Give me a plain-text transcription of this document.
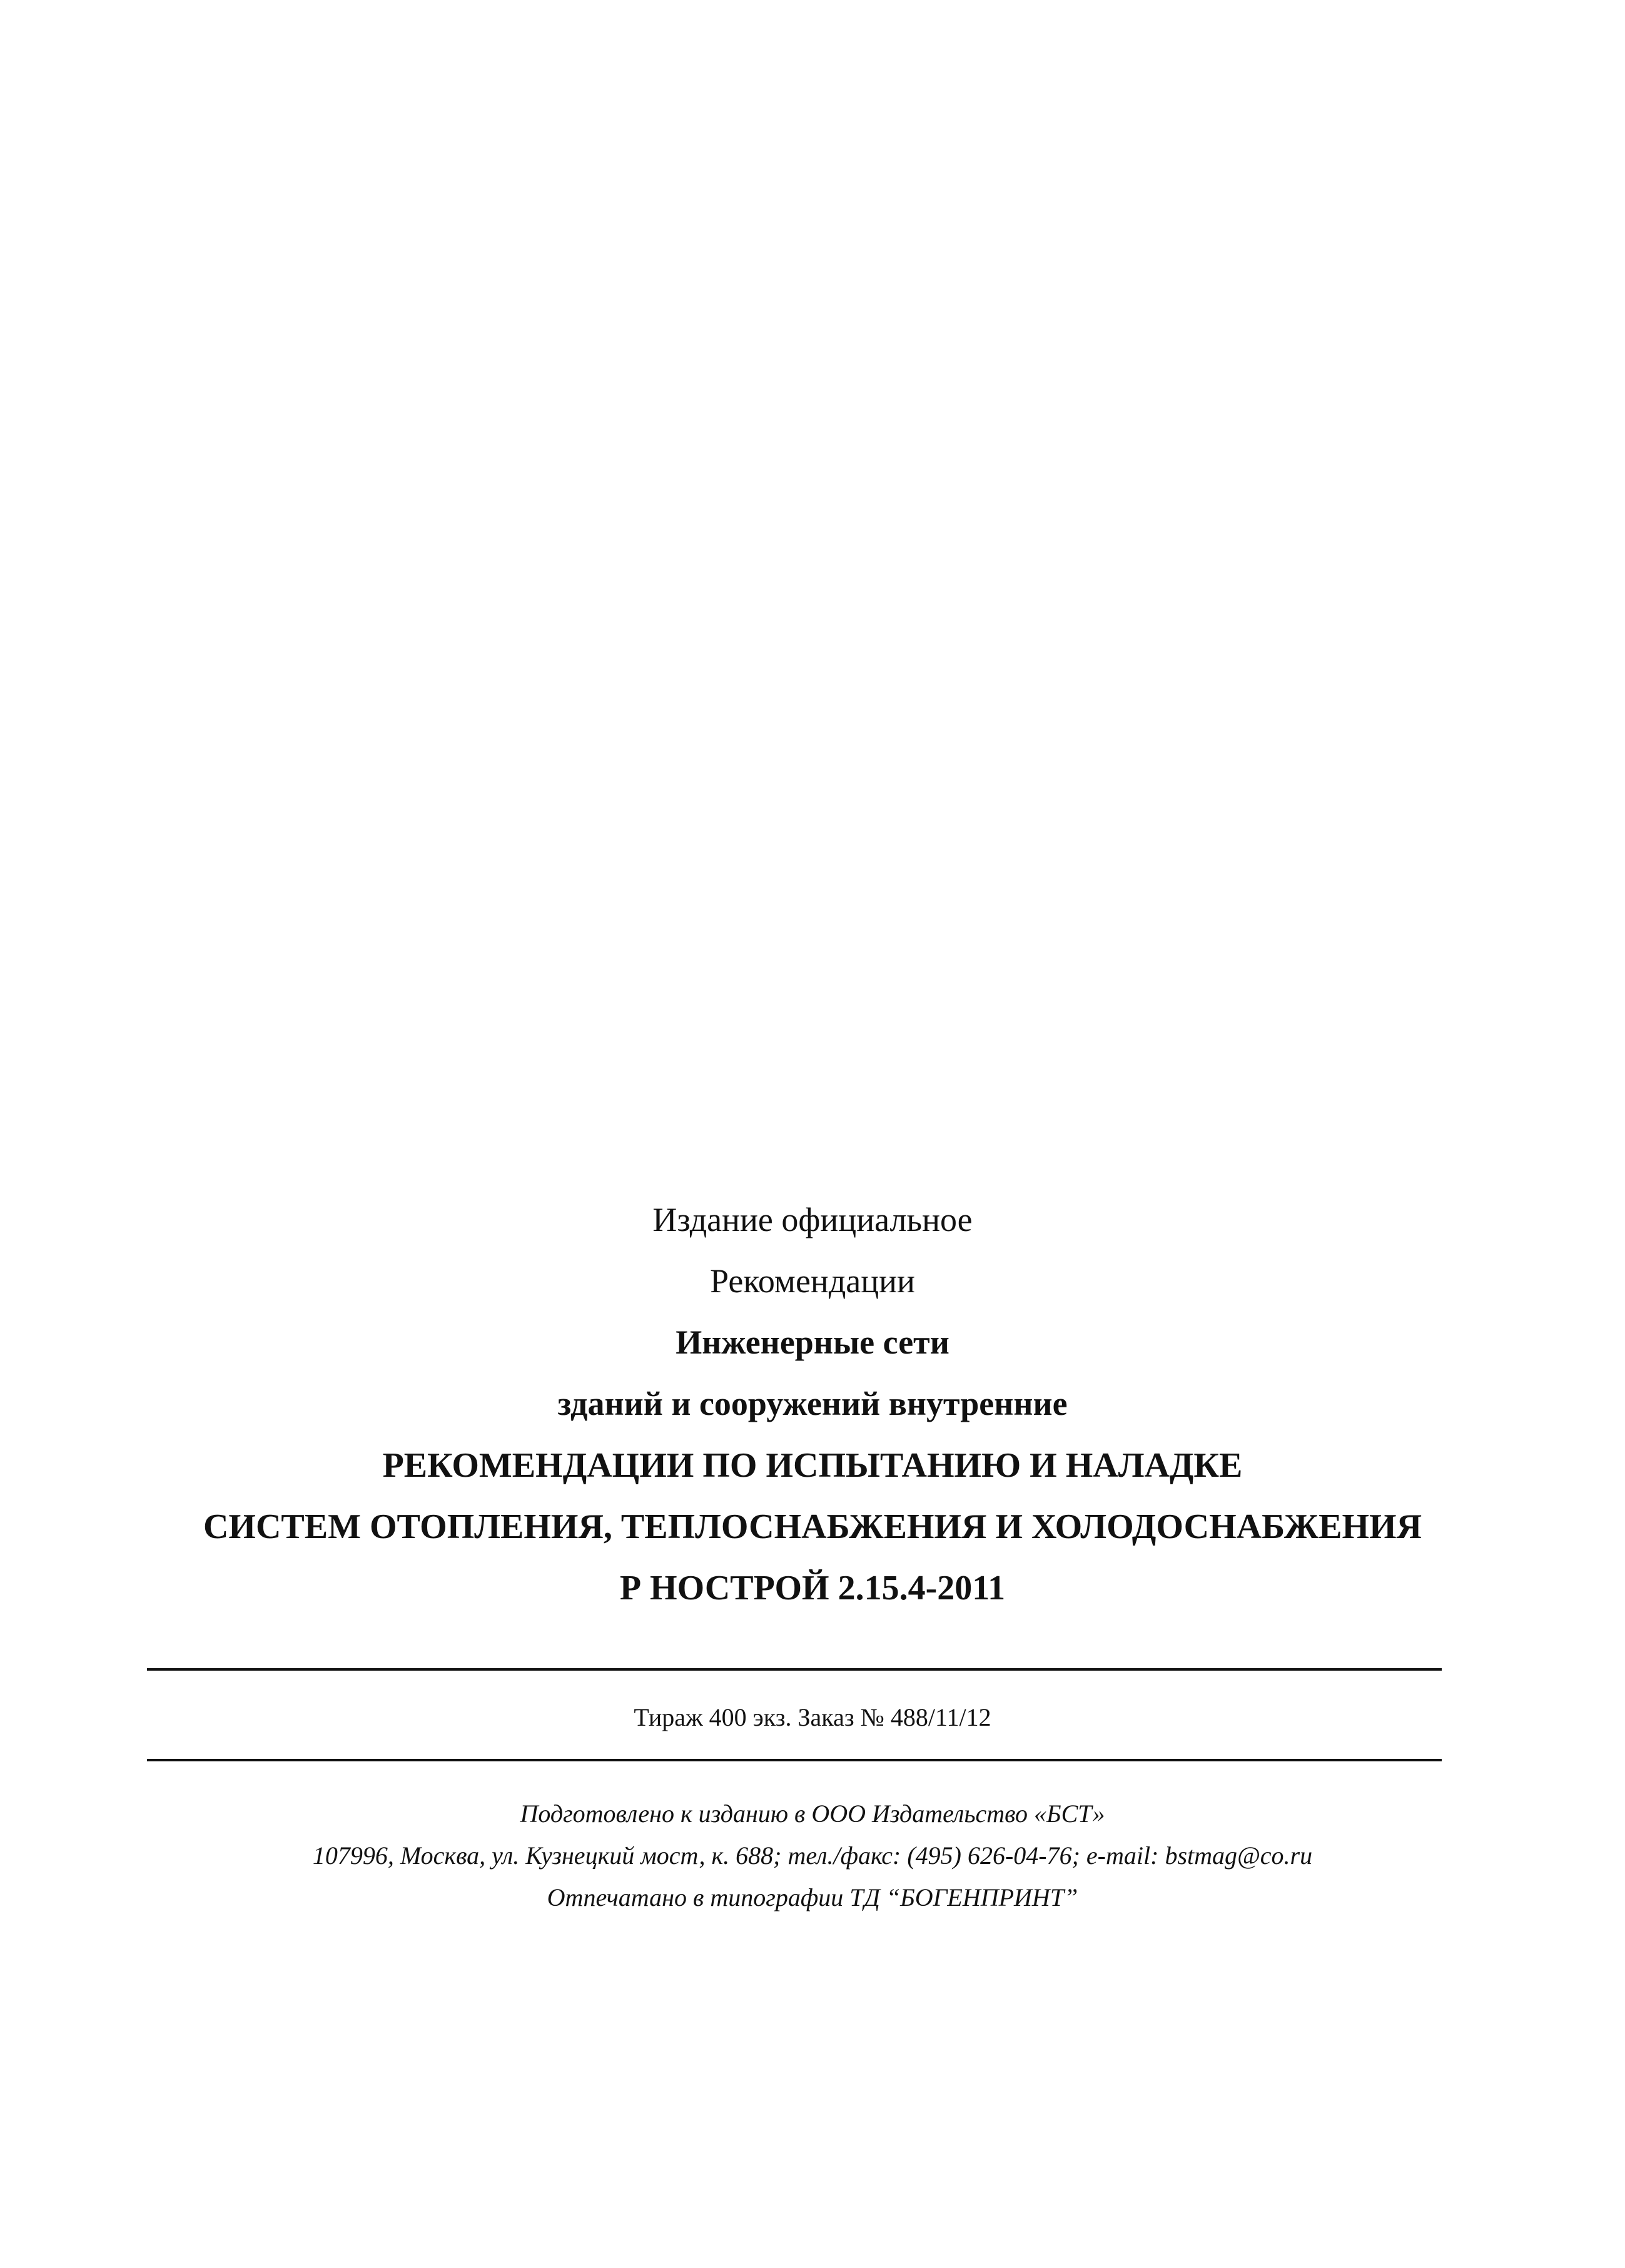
Издание официальное
Рекомендации
Инженерные сети
зданий и сооружений внутренние
РЕКОМЕНДАЦИИ ПО ИСПЫТАНИЮ И НАЛАДКЕ
СИСТЕМ ОТОПЛЕНИЯ, ТЕПЛОСНАБЖЕНИЯ И ХОЛОДОСНАБЖЕНИЯ
Р НОСТРОЙ 2.15.4-2011
Тираж 400 экз. Заказ № 488/11/12
Подготовлено к изданию в ООО Издательство «БСТ»
107996, Москва, ул. Кузнецкий мост, к. 688; тел./факс: (495) 626-04-76; e-mail: bstmag@co.ru
Отпечатано в типографии ТД “БОГЕНПРИНТ”
